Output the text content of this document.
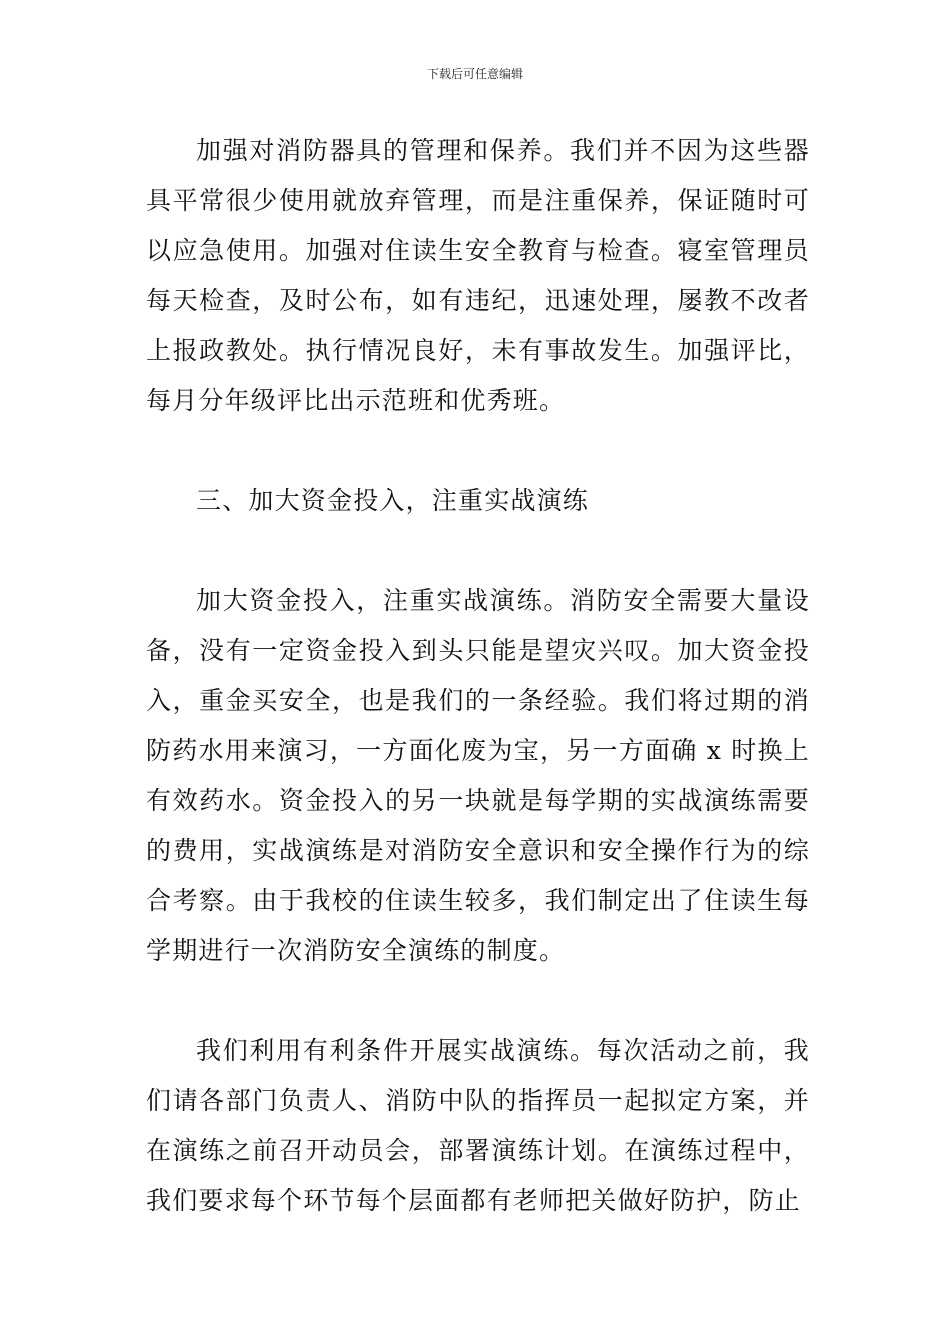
下载后可任意编辑

加强对消防器具的管理和保养。我们并不因为这些器具平常很少使用就放弃管理，而是注重保养，保证随时可以应急使用。加强对住读生安全教育与检查。寝室管理员每天检查，及时公布，如有违纪，迅速处理，屡教不改者上报政教处。执行情况良好，未有事故发生。加强评比，每月分年级评比出示范班和优秀班。

三、加大资金投入，注重实战演练

加大资金投入，注重实战演练。消防安全需要大量设备，没有一定资金投入到头只能是望灾兴叹。加大资金投入，重金买安全，也是我们的一条经验。我们将过期的消防药水用来演习，一方面化废为宝，另一方面确 x 时换上有效药水。资金投入的另一块就是每学期的实战演练需要的费用，实战演练是对消防安全意识和安全操作行为的综合考察。由于我校的住读生较多，我们制定出了住读生每学期进行一次消防安全演练的制度。

我们利用有利条件开展实战演练。每次活动之前，我们请各部门负责人、消防中队的指挥员一起拟定方案，并在演练之前召开动员会，部署演练计划。在演练过程中，我们要求每个环节每个层面都有老师把关做好防护，防止
